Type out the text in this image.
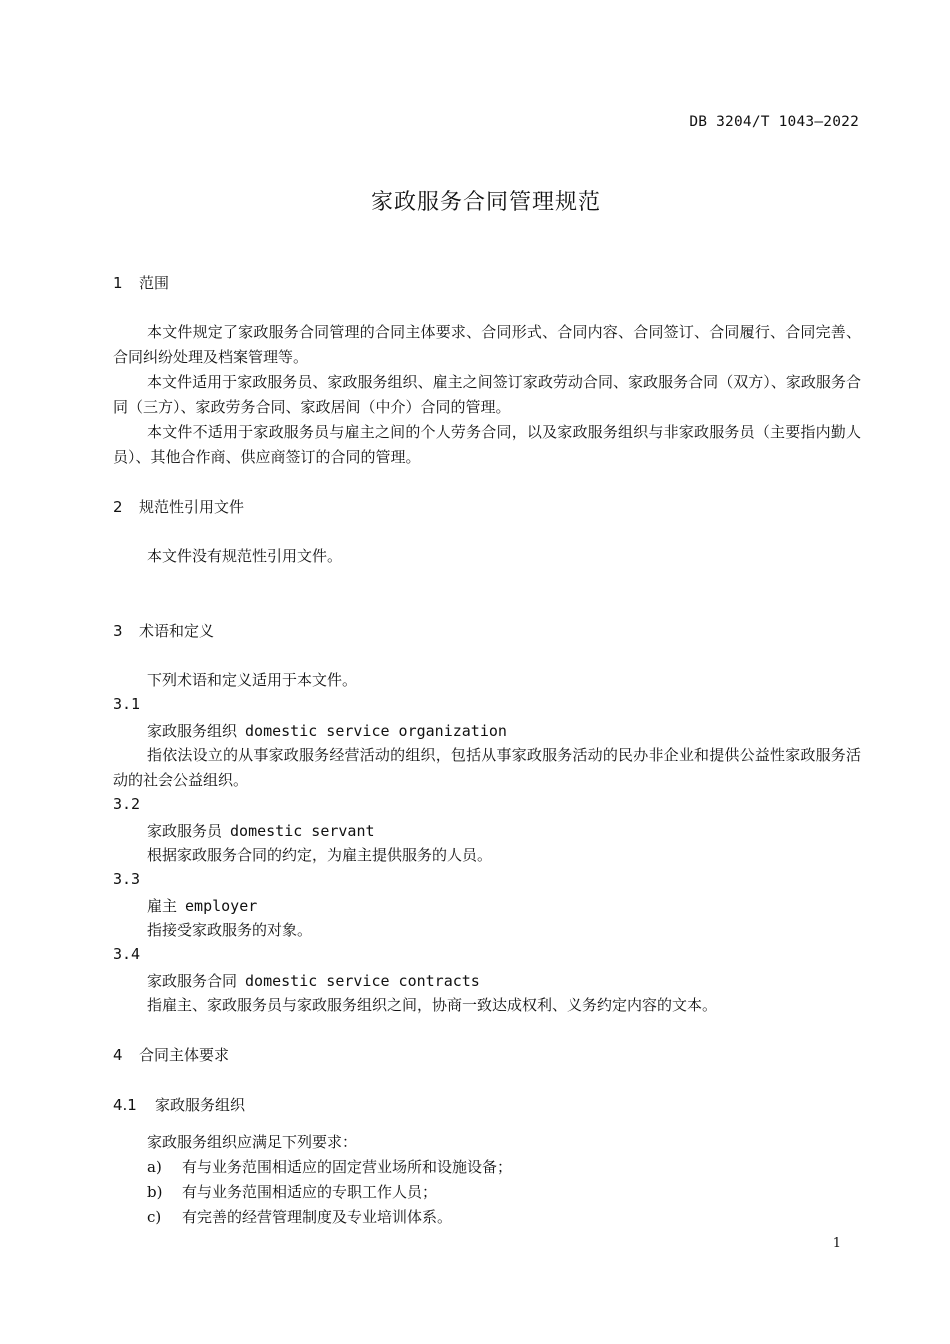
DB 3204/T 1043—2022
家政服务合同管理规范
1 范围
本文件规定了家政服务合同管理的合同主体要求、合同形式、合同内容、合同签订、合同履行、合同完善、合同纠纷处理及档案管理等。
本文件适用于家政服务员、家政服务组织、雇主之间签订家政劳动合同、家政服务合同（双方）、家政服务合同（三方）、家政劳务合同、家政居间（中介）合同的管理。
本文件不适用于家政服务员与雇主之间的个人劳务合同，以及家政服务组织与非家政服务员（主要指内勤人员）、其他合作商、供应商签订的合同的管理。
2 规范性引用文件
本文件没有规范性引用文件。
3 术语和定义
下列术语和定义适用于本文件。
3.1
家政服务组织 domestic service organization
指依法设立的从事家政服务经营活动的组织，包括从事家政服务活动的民办非企业和提供公益性家政服务活动的社会公益组织。
3.2
家政服务员 domestic servant
根据家政服务合同的约定，为雇主提供服务的人员。
3.3
雇主 employer
指接受家政服务的对象。
3.4
家政服务合同 domestic service contracts
指雇主、家政服务员与家政服务组织之间，协商一致达成权利、义务约定内容的文本。
4 合同主体要求
4.1 家政服务组织
家政服务组织应满足下列要求：
a) 有与业务范围相适应的固定营业场所和设施设备；
b) 有与业务范围相适应的专职工作人员；
c) 有完善的经营管理制度及专业培训体系。
1
